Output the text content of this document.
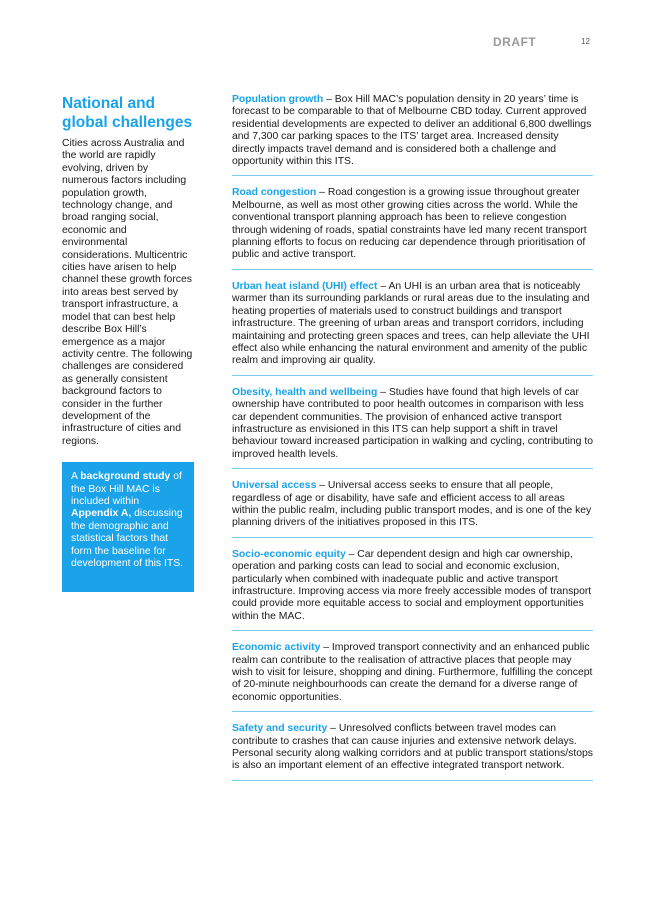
DRAFT	12
National and global challenges

Cities across Australia and the world are rapidly evolving, driven by numerous factors including population growth, technology change, and broad ranging social, economic and environmental considerations. Multicentric cities have arisen to help channel these growth forces into areas best served by transport infrastructure, a model that can best help describe Box Hill’s emergence as a major activity centre. The following challenges are considered as generally consistent background factors to consider in the further development of the infrastructure of cities and regions.

A background study of the Box Hill MAC is included within Appendix A, discussing the demographic and statistical factors that form the baseline for development of this ITS.
Population growth – Box Hill MAC’s population density in 20 years’ time is forecast to be comparable to that of Melbourne CBD today. Current approved residential developments are expected to deliver an additional 6,800 dwellings and 7,300 car parking spaces to the ITS’ target area. Increased density directly impacts travel demand and is considered both a challenge and opportunity within this ITS.
Road congestion – Road congestion is a growing issue throughout greater Melbourne, as well as most other growing cities across the world. While the conventional transport planning approach has been to relieve congestion through widening of roads, spatial constraints have led many recent transport planning efforts to focus on reducing car dependence through prioritisation of public and active transport.
Urban heat island (UHI) effect – An UHI is an urban area that is noticeably warmer than its surrounding parklands or rural areas due to the insulating and heating properties of materials used to construct buildings and transport infrastructure. The greening of urban areas and transport corridors, including maintaining and protecting green spaces and trees, can help alleviate the UHI effect also while enhancing the natural environment and amenity of the public realm and improving air quality.
Obesity, health and wellbeing – Studies have found that high levels of car ownership have contributed to poor health outcomes in comparison with less car dependent communities. The provision of enhanced active transport infrastructure as envisioned in this ITS can help support a shift in travel behaviour toward increased participation in walking and cycling, contributing to improved health levels.
Universal access – Universal access seeks to ensure that all people, regardless of age or disability, have safe and efficient access to all areas within the public realm, including public transport modes, and is one of the key planning drivers of the initiatives proposed in this ITS.
Socio-economic equity – Car dependent design and high car ownership, operation and parking costs can lead to social and economic exclusion, particularly when combined with inadequate public and active transport infrastructure. Improving access via more freely accessible modes of transport could provide more equitable access to social and employment opportunities within the MAC.
Economic activity – Improved transport connectivity and an enhanced public realm can contribute to the realisation of attractive places that people may wish to visit for leisure, shopping and dining. Furthermore, fulfilling the concept of 20-minute neighbourhoods can create the demand for a diverse range of economic opportunities.
Safety and security – Unresolved conflicts between travel modes can contribute to crashes that can cause injuries and extensive network delays. Personal security along walking corridors and at public transport stations/stops is also an important element of an effective integrated transport network.
